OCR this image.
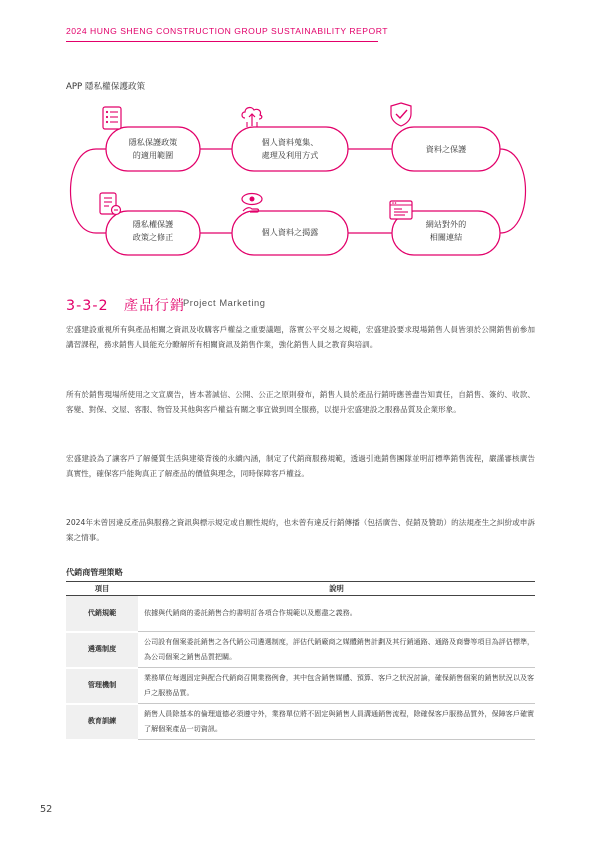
2024 HUNG SHENG CONSTRUCTION GROUP SUSTAINABILITY REPORT
APP 隱私權保護政策
隱私保護政策
的適用範圍
個人資料蒐集、
處理及利用方式
資料之保護
網站對外的
相關連結
個人資料之揭露
隱私權保護
政策之修正
3-3-2　產品行銷
Project Marketing
宏盛建設重視所有與產品相關之資訊及收購客戶權益之重要議題，落實公平交易之規範，宏盛建設要求現場銷售人員皆須於公開銷售前參加講習課程，務求銷售人員能充分瞭解所有相關資訊及銷售作業，強化銷售人員之教育與培訓。
所有於銷售現場所使用之文宣廣告，皆本著誠信、公開、公正之原則發布，銷售人員於產品行銷時應善盡告知責任，自銷售、簽約、收款、客變、對保、交屋、客服、物管及其他與客戶權益有關之事宜做到周全服務，以提升宏盛建設之服務品質及企業形象。
宏盛建設為了讓客戶了解優質生活與建築背後的永續內涵，制定了代銷商服務規範，透過引進銷售團隊並明訂標準銷售流程，嚴謹審核廣告真實性，確保客戶能夠真正了解產品的價值與理念，同時保障客戶權益。
2024年未曾因違反產品與服務之資訊與標示規定或自願性規約，也未曾有違反行銷傳播（包括廣告、促銷及贊助）的法規產生之糾紛或申訴案之情事。
代銷商管理策略
項目	說明
代銷規範	依據與代銷商的委託銷售合約書明訂各項合作規範以及應盡之義務。
遴選制度	公司設有個案委託銷售之各代銷公司遴選制度，評估代銷廠商之媒體銷售計劃及其行銷通路、通路及商譽等項目為評估標準，為公司個案之銷售品質把關。
管理機制	業務單位每週固定與配合代銷商召開業務例會，其中包含銷售媒體、預算、客戶之狀況討論，確保銷售個案的銷售狀況以及客戶之服務品質。
教育訓練	銷售人員除基本的倫理道德必須遵守外，業務單位將不固定與銷售人員溝通銷售流程，除確保客戶服務品質外，保障客戶確實了解個案產品一切資訊。
52
